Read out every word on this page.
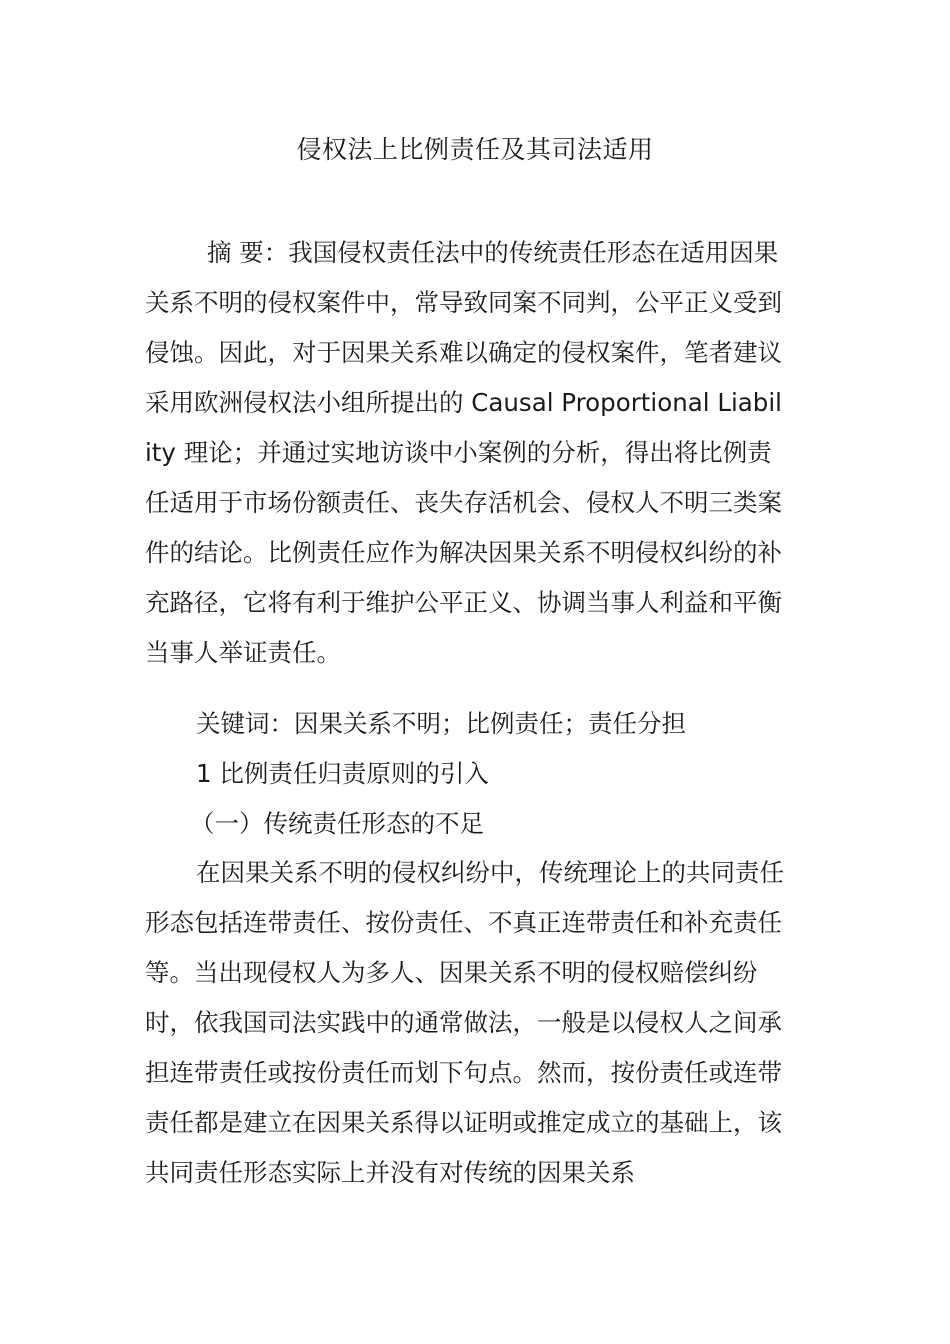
侵权法上比例责任及其司法适用
摘 要：我国侵权责任法中的传统责任形态在适用因果关系不明的侵权案件中，常导致同案不同判，公平正义受到侵蚀。因此，对于因果关系难以确定的侵权案件，笔者建议采用欧洲侵权法小组所提出的 Causal Proportional Liability 理论；并通过实地访谈中小案例的分析，得出将比例责任适用于市场份额责任、丧失存活机会、侵权人不明三类案件的结论。比例责任应作为解决因果关系不明侵权纠纷的补充路径，它将有利于维护公平正义、协调当事人利益和平衡当事人举证责任。
关键词：因果关系不明；比例责任；责任分担
1 比例责任归责原则的引入
（一）传统责任形态的不足
在因果关系不明的侵权纠纷中，传统理论上的共同责任形态包括连带责任、按份责任、不真正连带责任和补充责任等。当出现侵权人为多人、因果关系不明的侵权赔偿纠纷时，依我国司法实践中的通常做法，一般是以侵权人之间承担连带责任或按份责任而划下句点。然而，按份责任或连带责任都是建立在因果关系得以证明或推定成立的基础上，该共同责任形态实际上并没有对传统的因果关系
